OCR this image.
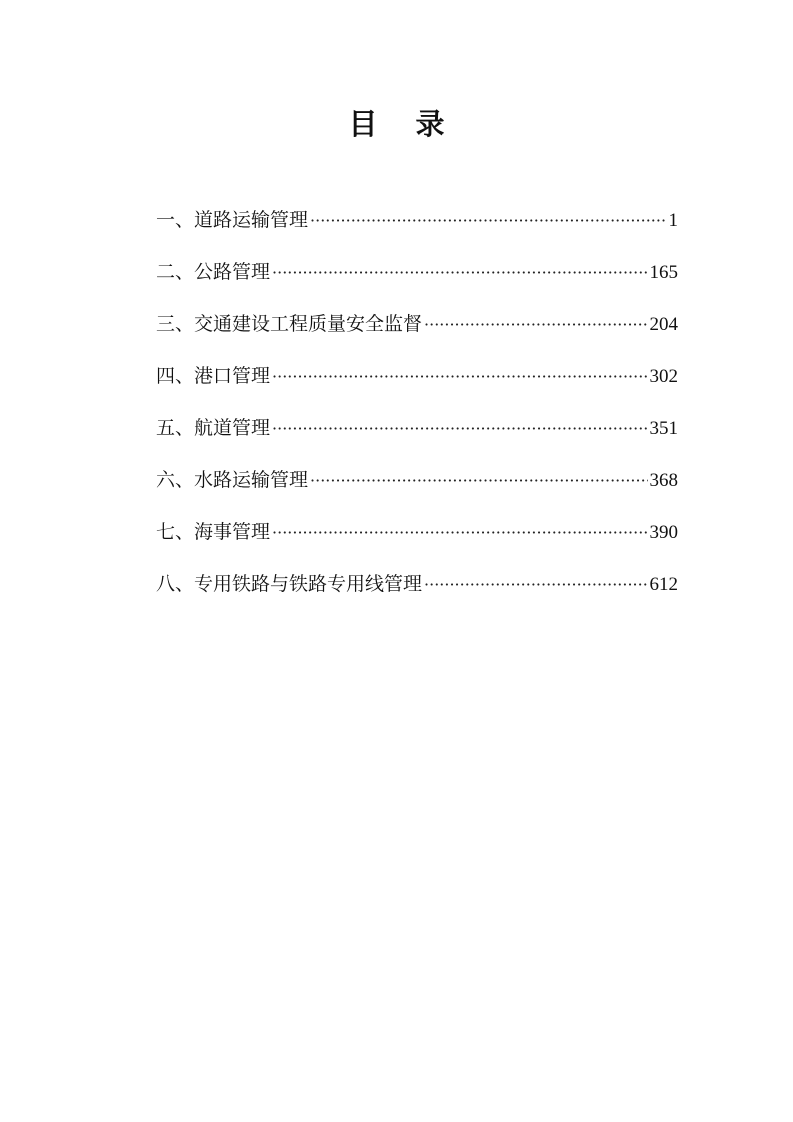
目 录
一、道路运输管理 ·····	1
二、公路管理 ·····	165
三、交通建设工程质量安全监督 ·····	204
四、港口管理 ·····	302
五、航道管理 ·····	351
六、水路运输管理 ·····	368
七、海事管理 ·····	390
八、专用铁路与铁路专用线管理 ·····	612
